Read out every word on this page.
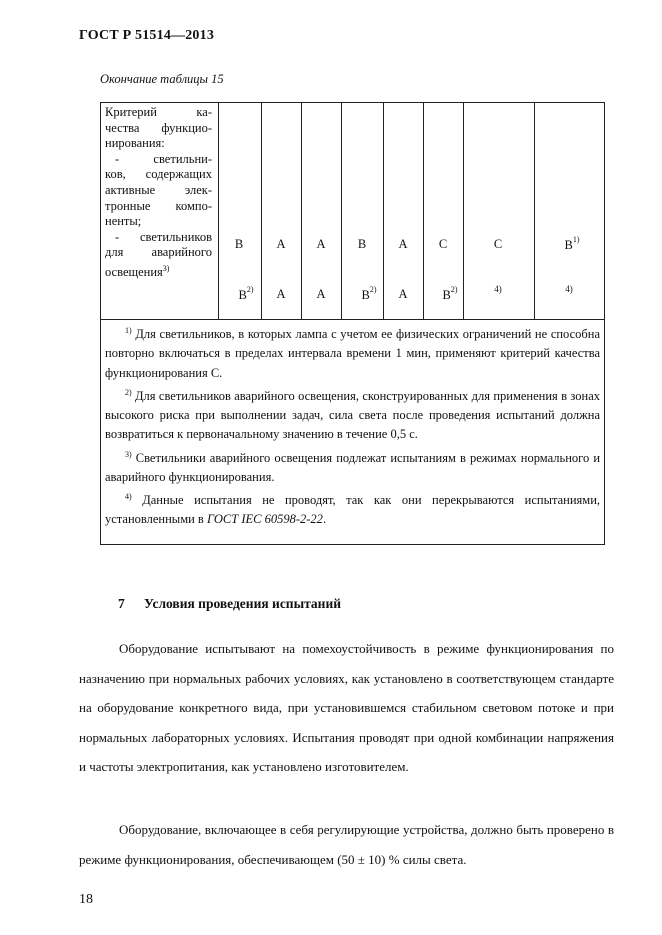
ГОСТ Р 51514—2013
Окончание таблицы 15

Критерий ка-

чества функцио-

нирования:

- светильни-

ков, содержащих

активные элек-

тронные компо-

ненты;

- светильников

для аварийного

освещения$^{3)}$

B	A	A	B	A	C	C	$B^{1)}$
$B^{2)}$	A	A	$B^{2)}$	A	$B^{2)}$	4)	4)

$^{1)}$ Для светильников, в которых лампа с учетом ее физических ограничений не способна повторно включаться в пределах интервала времени 1 мин, применяют критерий качества функционирования С.

$^{2)}$ Для светильников аварийного освещения, сконструированных для применения в зонах высокого риска при выполнении задач, сила света после проведения испытаний должна возвратиться к первоначальному значению в течение 0,5 с.

$^{3)}$ Светильники аварийного освещения подлежат испытаниям в режимах нормального и аварийного функционирования.

$^{4)}$ Данные испытания не проводят, так как они перекрываются испытаниями, установленными в ГОСТ IEC 60598-2-22.

7 Условия проведения испытаний
Оборудование испытывают на помехоустойчивость в режиме функционирования по назначению при нормальных рабочих условиях, как установлено в соответствующем стандарте на оборудование конкретного вида, при установившемся стабильном световом потоке и при нормальных лабораторных условиях. Испытания проводят при одной комбинации напряжения и частоты электропитания, как установлено изготовителем.
Оборудование, включающее в себя регулирующие устройства, должно быть проверено в режиме функционирования, обеспечивающем (50 ± 10) % силы света.
18
